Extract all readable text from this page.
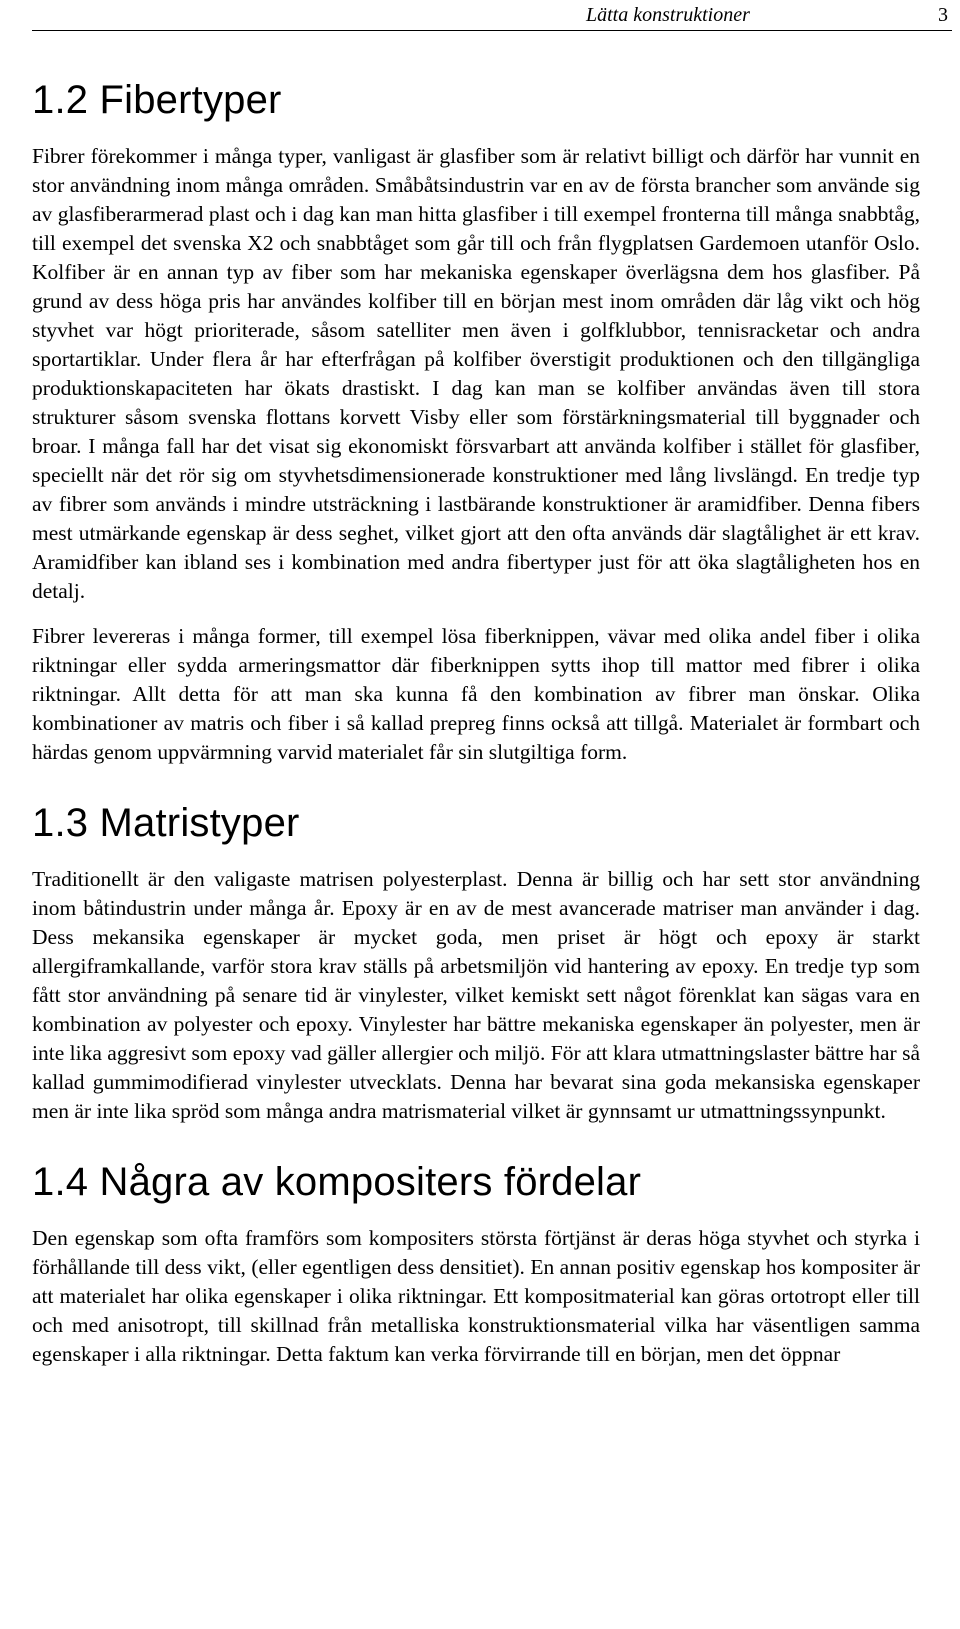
Lätta konstruktioner	3
1.2 Fibertyper

Fibrer förekommer i många typer, vanligast är glasfiber som är relativt billigt och därför har vunnit en stor användning inom många områden. Småbåtsindustrin var en av de första brancher som använde sig av glasfiberarmerad plast och i dag kan man hitta glasfiber i till exempel fronterna till många snabbtåg, till exempel det svenska X2 och snabbtåget som går till och från flygplatsen Gardemoen utanför Oslo. Kolfiber är en annan typ av fiber som har mekaniska egenskaper överlägsna dem hos glasfiber. På grund av dess höga pris har användes kolfiber till en början mest inom områden där låg vikt och hög styvhet var högt prioriterade, såsom satelliter men även i golfklubbor, tennisracketar och andra sportartiklar. Under flera år har efterfrågan på kolfiber överstigit produktionen och den tillgängliga produktionskapaciteten har ökats drastiskt. I dag kan man se kolfiber användas även till stora strukturer såsom svenska flottans korvett Visby eller som förstärkningsmaterial till byggnader och broar. I många fall har det visat sig ekonomiskt försvarbart att använda kolfiber i stället för glasfiber, speciellt när det rör sig om styvhetsdimensionerade konstruktioner med lång livslängd. En tredje typ av fibrer som används i mindre utsträckning i lastbärande konstruktioner är aramidfiber. Denna fibers mest utmärkande egenskap är dess seghet, vilket gjort att den ofta används där slagtålighet är ett krav. Aramidfiber kan ibland ses i kombination med andra fibertyper just för att öka slagtåligheten hos en detalj.

Fibrer levereras i många former, till exempel lösa fiberknippen, vävar med olika andel fiber i olika riktningar eller sydda armeringsmattor där fiberknippen sytts ihop till mattor med fibrer i olika riktningar. Allt detta för att man ska kunna få den kombination av fibrer man önskar. Olika kombinationer av matris och fiber i så kallad prepreg finns också att tillgå. Materialet är formbart och härdas genom uppvärmning varvid materialet får sin slutgiltiga form.

1.3 Matristyper

Traditionellt är den valigaste matrisen polyesterplast. Denna är billig och har sett stor användning inom båtindustrin under många år. Epoxy är en av de mest avancerade matriser man använder i dag. Dess mekansika egenskaper är mycket goda, men priset är högt och epoxy är starkt allergiframkallande, varför stora krav ställs på arbetsmiljön vid hantering av epoxy. En tredje typ som fått stor användning på senare tid är vinylester, vilket kemiskt sett något förenklat kan sägas vara en kombination av polyester och epoxy. Vinylester har bättre mekaniska egenskaper än polyester, men är inte lika aggresivt som epoxy vad gäller allergier och miljö. För att klara utmattningslaster bättre har så kallad gummimodifierad vinylester utvecklats. Denna har bevarat sina goda mekansiska egenskaper men är inte lika spröd som många andra matrismaterial vilket är gynnsamt ur utmattningssynpunkt.

1.4 Några av kompositers fördelar

Den egenskap som ofta framförs som kompositers största förtjänst är deras höga styvhet och styrka i förhållande till dess vikt, (eller egentligen dess densitiet). En annan positiv egenskap hos kompositer är att materialet har olika egenskaper i olika riktningar. Ett kompositmaterial kan göras ortotropt eller till och med anisotropt, till skillnad från metalliska konstruktionsmaterial vilka har väsentligen samma egenskaper i alla riktningar. Detta faktum kan verka förvirrande till en början, men det öppnar
